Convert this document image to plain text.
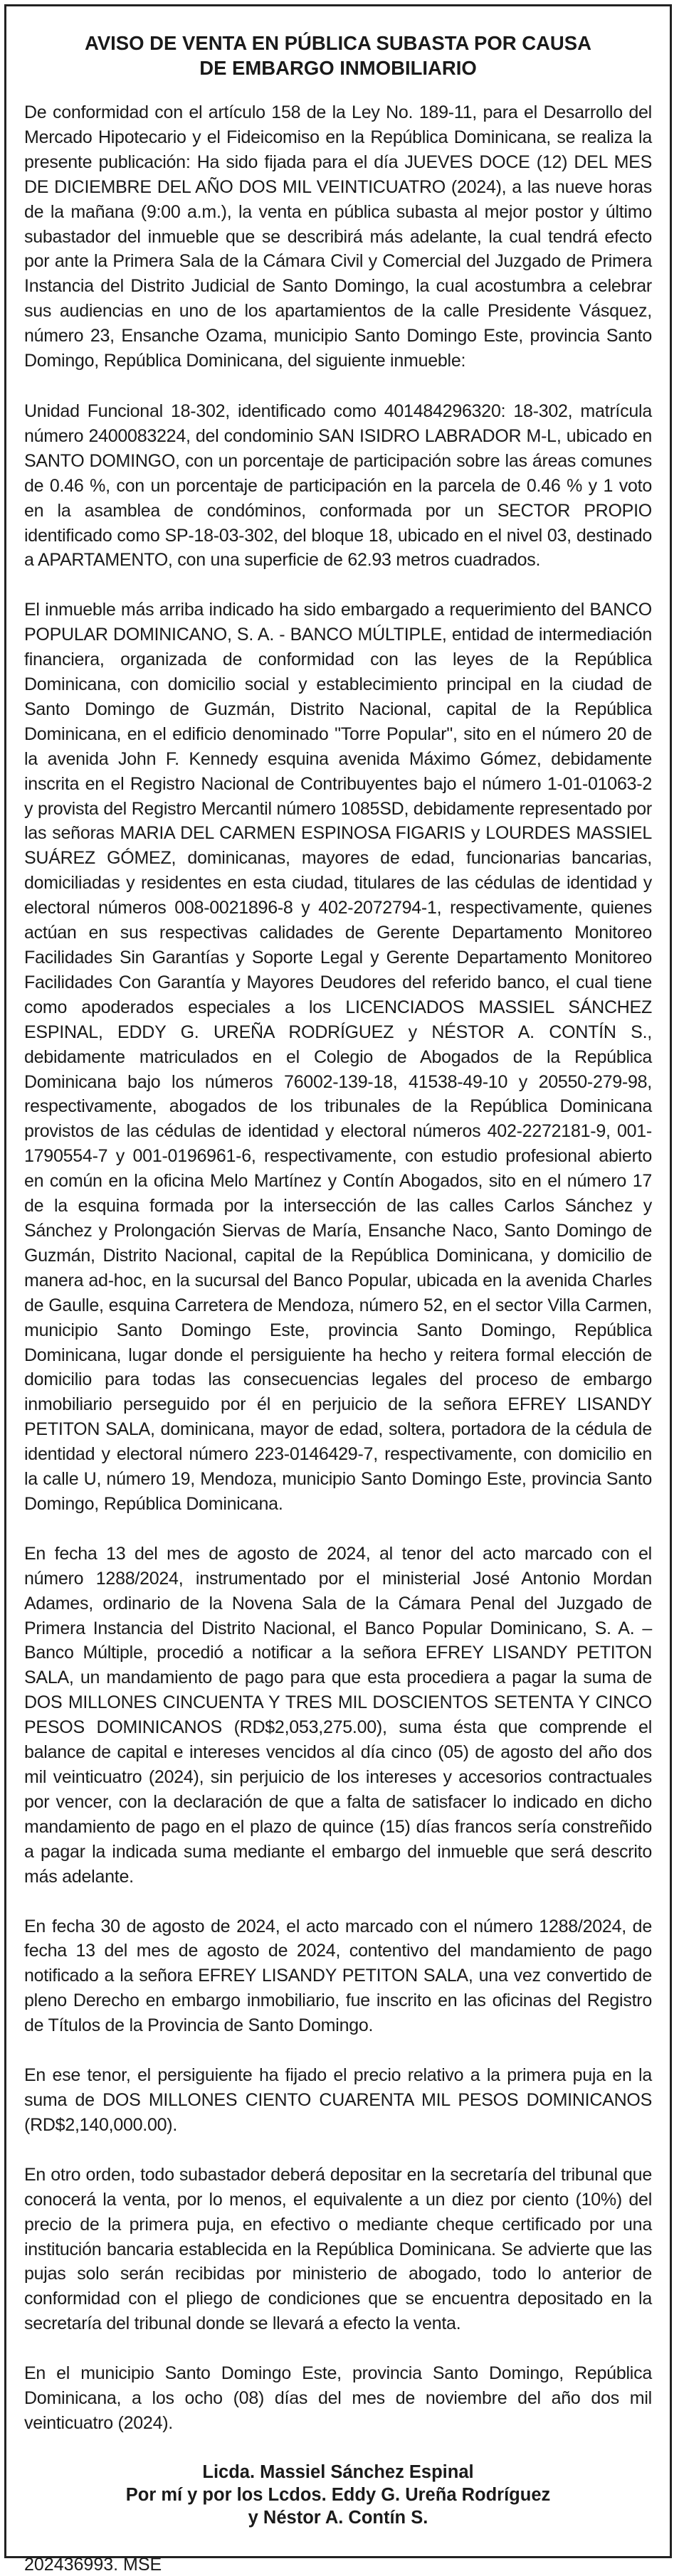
AVISO DE VENTA EN PÚBLICA SUBASTA POR CAUSA
DE EMBARGO INMOBILIARIO

De conformidad con el artículo 158 de la Ley No. 189-11, para el Desarrollo del Mercado Hipotecario y el Fideicomiso en la República Dominicana, se realiza la presente publicación: Ha sido fijada para el día JUEVES DOCE (12) DEL MES DE DICIEMBRE DEL AÑO DOS MIL VEINTICUATRO (2024), a las nueve horas de la mañana (9:00 a.m.), la venta en pública subasta al mejor postor y último subastador del inmueble que se describirá más adelante, la cual tendrá efecto por ante la Primera Sala de la Cámara Civil y Comercial del Juzgado de Primera Instancia del Distrito Judicial de Santo Domingo, la cual acostumbra a celebrar sus audiencias en uno de los apartamientos de la calle Presidente Vásquez, número 23, Ensanche Ozama, municipio Santo Domingo Este, provincia Santo Domingo, República Dominicana, del siguiente inmueble:

Unidad Funcional 18-302, identificado como 401484296320: 18-302, matrícula número 2400083224, del condominio SAN ISIDRO LABRADOR M-L, ubicado en SANTO DOMINGO, con un porcentaje de participación sobre las áreas comunes de 0.46 %, con un porcentaje de participación en la parcela de 0.46 % y 1 voto en la asamblea de condóminos, conformada por un SECTOR PROPIO identificado como SP-18-03-302, del bloque 18, ubicado en el nivel 03, destinado a APARTAMENTO, con una superficie de 62.93 metros cuadrados.

El inmueble más arriba indicado ha sido embargado a requerimiento del BANCO POPULAR DOMINICANO, S. A. - BANCO MÚLTIPLE, entidad de intermediación financiera, organizada de conformidad con las leyes de la República Dominicana, con domicilio social y establecimiento principal en la ciudad de Santo Domingo de Guzmán, Distrito Nacional, capital de la República Dominicana, en el edificio denominado "Torre Popular", sito en el número 20 de la avenida John F. Kennedy esquina avenida Máximo Gómez, debidamente inscrita en el Registro Nacional de Contribuyentes bajo el número 1-01-01063-2 y provista del Registro Mercantil número 1085SD, debidamente representado por las señoras MARIA DEL CARMEN ESPINOSA FIGARIS y LOURDES MASSIEL SUÁREZ GÓMEZ, dominicanas, mayores de edad, funcionarias bancarias, domiciliadas y residentes en esta ciudad, titulares de las cédulas de identidad y electoral números 008-0021896-8 y 402-2072794-1, respectivamente, quienes actúan en sus respectivas calidades de Gerente Departamento Monitoreo Facilidades Sin Garantías y Soporte Legal y Gerente Departamento Monitoreo Facilidades Con Garantía y Mayores Deudores del referido banco, el cual tiene como apoderados especiales a los LICENCIADOS MASSIEL SÁNCHEZ ESPINAL, EDDY G. UREÑA RODRÍGUEZ y NÉSTOR A. CONTÍN S., debidamente matriculados en el Colegio de Abogados de la República Dominicana bajo los números 76002-139-18, 41538-49-10 y 20550-279-98, respectivamente, abogados de los tribunales de la República Dominicana provistos de las cédulas de identidad y electoral números 402-2272181-9, 001-1790554-7 y 001-0196961-6, respectivamente, con estudio profesional abierto en común en la oficina Melo Martínez y Contín Abogados, sito en el número 17 de la esquina formada por la intersección de las calles Carlos Sánchez y Sánchez y Prolongación Siervas de María, Ensanche Naco, Santo Domingo de Guzmán, Distrito Nacional, capital de la República Dominicana, y domicilio de manera ad-hoc, en la sucursal del Banco Popular, ubicada en la avenida Charles de Gaulle, esquina Carretera de Mendoza, número 52, en el sector Villa Carmen, municipio Santo Domingo Este, provincia Santo Domingo, República Dominicana, lugar donde el persiguiente ha hecho y reitera formal elección de domicilio para todas las consecuencias legales del proceso de embargo inmobiliario perseguido por él en perjuicio de la señora EFREY LISANDY PETITON SALA, dominicana, mayor de edad, soltera, portadora de la cédula de identidad y electoral número 223-0146429-7, respectivamente, con domicilio en la calle U, número 19, Mendoza, municipio Santo Domingo Este, provincia Santo Domingo, República Dominicana.

En fecha 13 del mes de agosto de 2024, al tenor del acto marcado con el número 1288/2024, instrumentado por el ministerial José Antonio Mordan Adames, ordinario de la Novena Sala de la Cámara Penal del Juzgado de Primera Instancia del Distrito Nacional, el Banco Popular Dominicano, S. A. – Banco Múltiple, procedió a notificar a la señora EFREY LISANDY PETITON SALA, un mandamiento de pago para que esta procediera a pagar la suma de DOS MILLONES CINCUENTA Y TRES MIL DOSCIENTOS SETENTA Y CINCO PESOS DOMINICANOS (RD$2,053,275.00), suma ésta que comprende el balance de capital e intereses vencidos al día cinco (05) de agosto del año dos mil veinticuatro (2024), sin perjuicio de los intereses y accesorios contractuales por vencer, con la declaración de que a falta de satisfacer lo indicado en dicho mandamiento de pago en el plazo de quince (15) días francos sería constreñido a pagar la indicada suma mediante el embargo del inmueble que será descrito más adelante.

En fecha 30 de agosto de 2024, el acto marcado con el número 1288/2024, de fecha 13 del mes de agosto de 2024, contentivo del mandamiento de pago notificado a la señora EFREY LISANDY PETITON SALA, una vez convertido de pleno Derecho en embargo inmobiliario, fue inscrito en las oficinas del Registro de Títulos de la Provincia de Santo Domingo.

En ese tenor, el persiguiente ha fijado el precio relativo a la primera puja en la suma de DOS MILLONES CIENTO CUARENTA MIL PESOS DOMINICANOS (RD$2,140,000.00).

En otro orden, todo subastador deberá depositar en la secretaría del tribunal que conocerá la venta, por lo menos, el equivalente a un diez por ciento (10%) del precio de la primera puja, en efectivo o mediante cheque certificado por una institución bancaria establecida en la República Dominicana. Se advierte que las pujas solo serán recibidas por ministerio de abogado, todo lo anterior de conformidad con el pliego de condiciones que se encuentra depositado en la secretaría del tribunal donde se llevará a efecto la venta.

En el municipio Santo Domingo Este, provincia Santo Domingo, República Dominicana, a los ocho (08) días del mes de noviembre del año dos mil veinticuatro (2024).

Licda. Massiel Sánchez Espinal
Por mí y por los Lcdos. Eddy G. Ureña Rodríguez
y Néstor A. Contín S.
202436993. MSE
